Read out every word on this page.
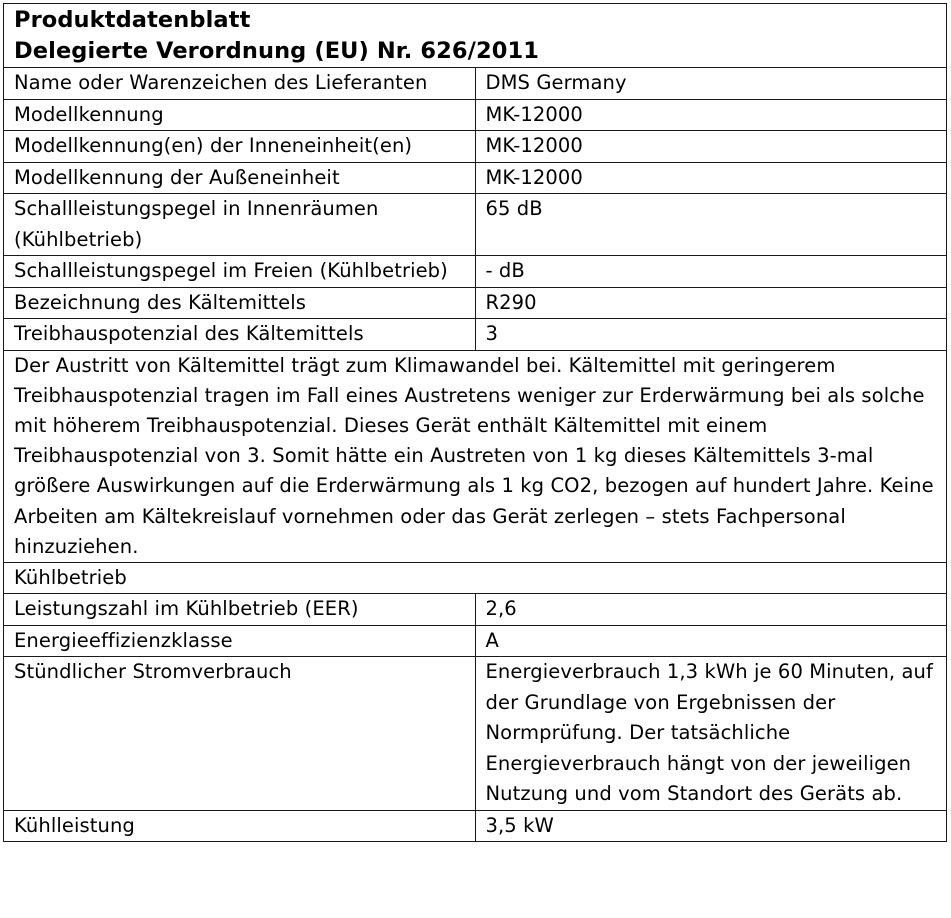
Produktdatenblatt
Delegierte Verordnung (EU) Nr. 626/2011	

Name oder Warenzeichen des Lieferanten	DMS Germany
Modellkennung	MK-12000
Modellkennung(en) der Inneneinheit(en)	MK-12000
Modellkennung der Außeneinheit	MK-12000
Schallleistungspegel in Innenräumen (Kühlbetrieb)	65 dB
Schallleistungspegel im Freien (Kühlbetrieb)	- dB
Bezeichnung des Kältemittels	R290
Treibhauspotenzial des Kältemittels	3

Der Austritt von Kältemittel trägt zum Klimawandel bei. Kältemittel mit geringerem Treibhauspotenzial tragen im Fall eines Austretens weniger zur Erderwärmung bei als solche mit höherem Treibhauspotenzial. Dieses Gerät enthält Kältemittel mit einem Treibhauspotenzial von 3. Somit hätte ein Austreten von 1 kg dieses Kältemittels 3-mal größere Auswirkungen auf die Erderwärmung als 1 kg CO2, bezogen auf hundert Jahre. Keine Arbeiten am Kältekreislauf vornehmen oder das Gerät zerlegen – stets Fachpersonal hinzuziehen.	

Kühlbetrieb	
Leistungszahl im Kühlbetrieb (EER)	2,6
Energieeffizienzklasse	A
Stündlicher Stromverbrauch	Energieverbrauch 1,3 kWh je 60 Minuten, auf der Grundlage von Ergebnissen der Normprüfung. Der tatsächliche Energieverbrauch hängt von der jeweiligen Nutzung und vom Standort des Geräts ab.
Kühlleistung	3,5 kW
